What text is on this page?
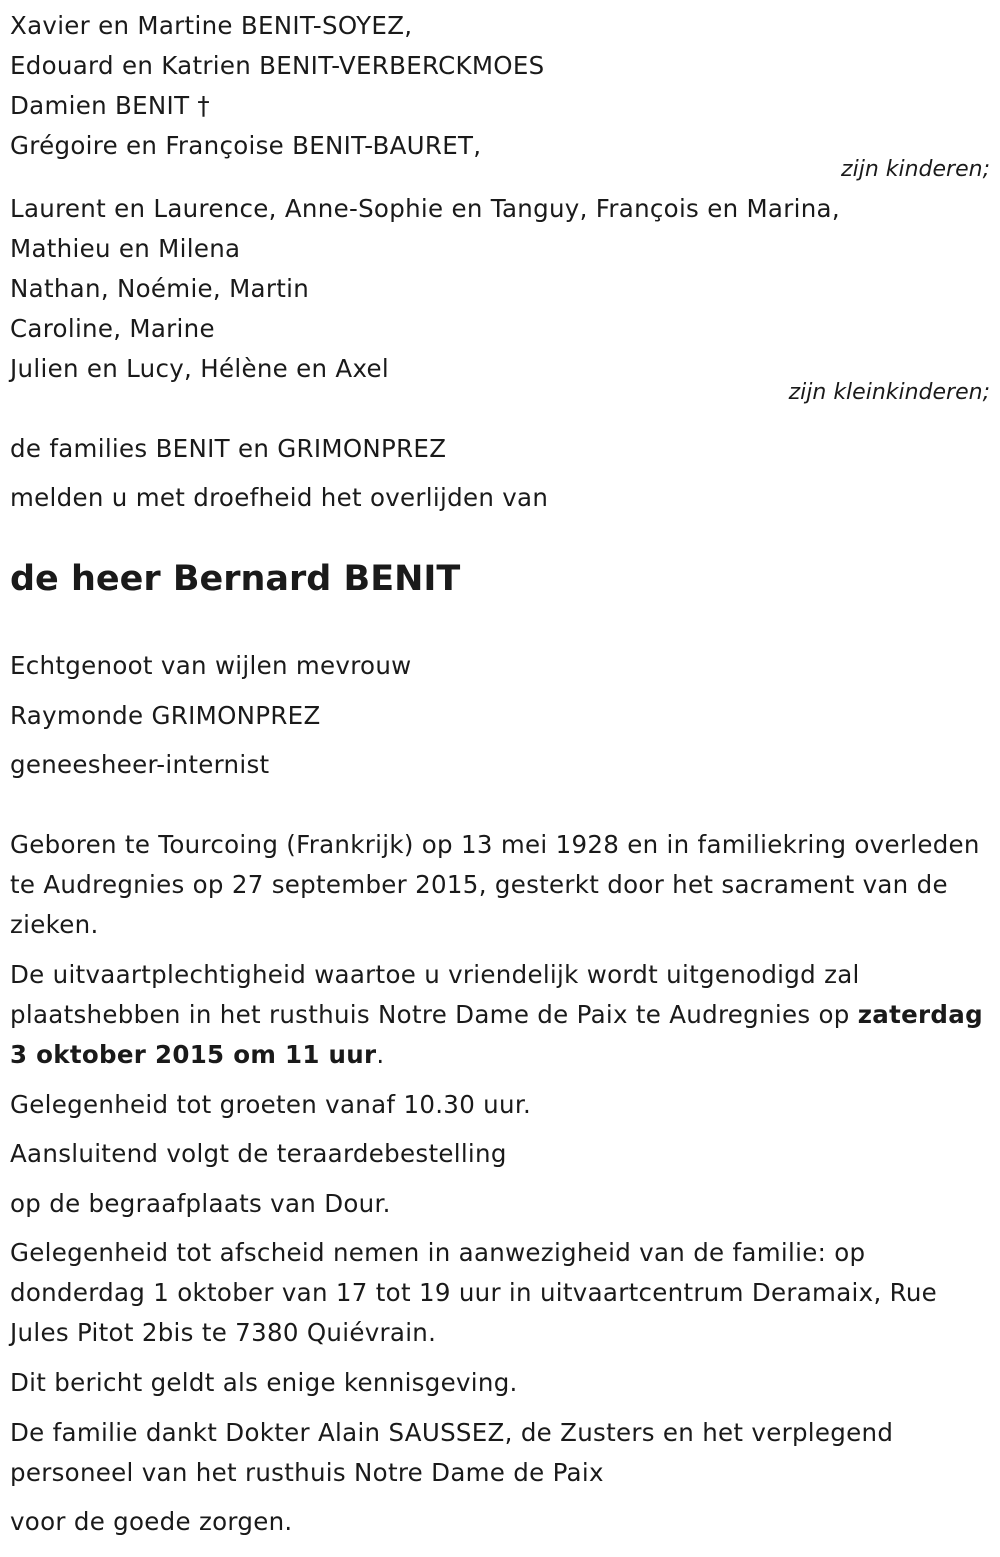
Xavier en Martine BENIT-SOYEZ,

Edouard en Katrien BENIT-VERBERCKMOES

Damien BENIT †

Grégoire en Françoise BENIT-BAURET,

zijn kinderen;

Laurent en Laurence, Anne-Sophie en Tanguy, François en Marina,

Mathieu en Milena

Nathan, Noémie, Martin

Caroline, Marine

Julien en Lucy, Hélène en Axel

zijn kleinkinderen;

de families BENIT en GRIMONPREZ

melden u met droefheid het overlijden van

de heer Bernard BENIT

Echtgenoot van wijlen mevrouw

Raymonde GRIMONPREZ

geneesheer-internist

Geboren te Tourcoing (Frankrijk) op 13 mei 1928 en in familiekring overleden te Audregnies op 27 september 2015, gesterkt door het sacrament van de zieken.

De uitvaartplechtigheid waartoe u vriendelijk wordt uitgenodigd zal plaatshebben in het rusthuis Notre Dame de Paix te Audregnies op zaterdag 3 oktober 2015 om 11 uur.

Gelegenheid tot groeten vanaf 10.30 uur.

Aansluitend volgt de teraardebestelling

op de begraafplaats van Dour.

Gelegenheid tot afscheid nemen in aanwezigheid van de familie: op donderdag 1 oktober van 17 tot 19 uur in uitvaartcentrum Deramaix, Rue Jules Pitot 2bis te 7380 Quiévrain.

Dit bericht geldt als enige kennisgeving.

De familie dankt Dokter Alain SAUSSEZ, de Zusters en het verplegend personeel van het rusthuis Notre Dame de Paix

voor de goede zorgen.
